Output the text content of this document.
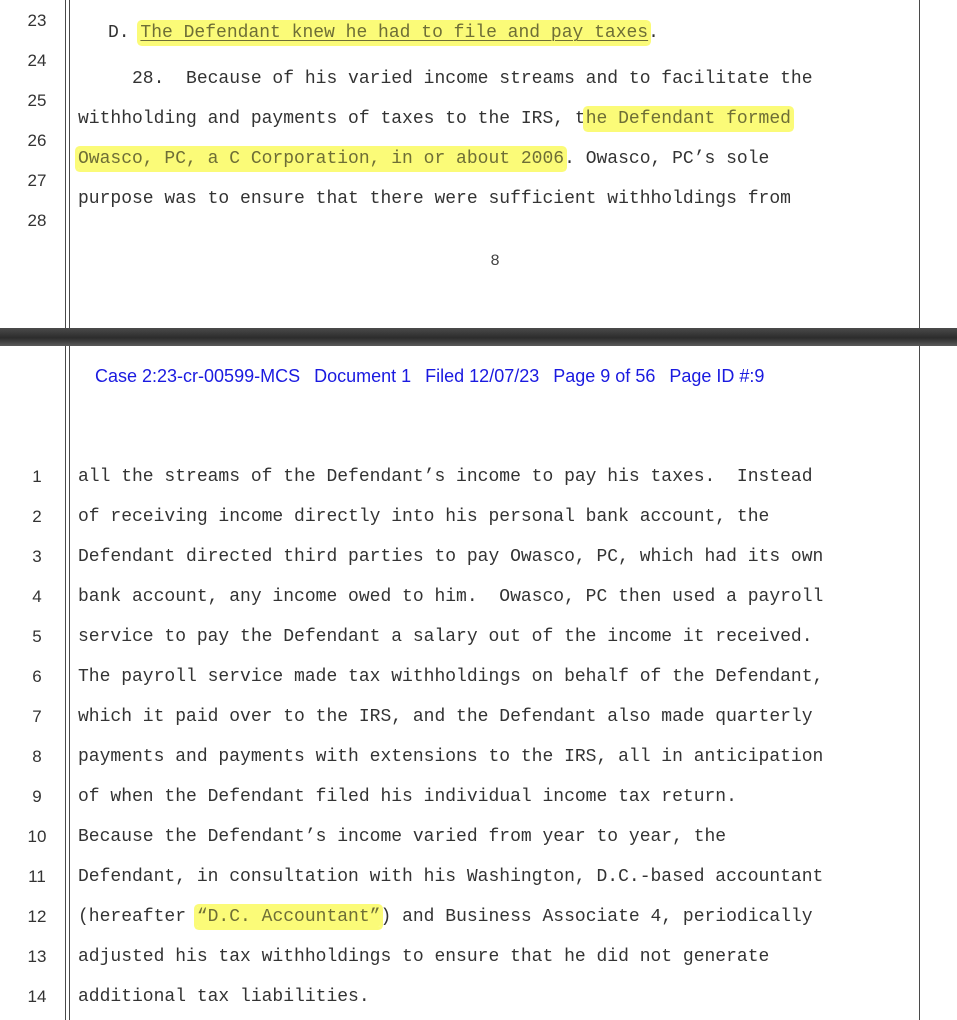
23
24
25
26
27
28
D. The Defendant knew he had to file and pay taxes.
28.  Because of his varied income streams and to facilitate the
withholding and payments of taxes to the IRS, the Defendant formed
Owasco, PC, a C Corporation, in or about 2006. Owasco, PC’s sole
purpose was to ensure that there were sufficient withholdings from
8
Case 2:23-cr-00599-MCS Document 1 Filed 12/07/23 Page 9 of 56 Page ID #:9
1
2
3
4
5
6
7
8
9
10
11
12
13
14
all the streams of the Defendant’s income to pay his taxes.  Instead
of receiving income directly into his personal bank account, the
Defendant directed third parties to pay Owasco, PC, which had its own
bank account, any income owed to him.  Owasco, PC then used a payroll
service to pay the Defendant a salary out of the income it received.
The payroll service made tax withholdings on behalf of the Defendant,
which it paid over to the IRS, and the Defendant also made quarterly
payments and payments with extensions to the IRS, all in anticipation
of when the Defendant filed his individual income tax return.
Because the Defendant’s income varied from year to year, the
Defendant, in consultation with his Washington, D.C.-based accountant
(hereafter “D.C. Accountant”) and Business Associate 4, periodically
adjusted his tax withholdings to ensure that he did not generate
additional tax liabilities.
